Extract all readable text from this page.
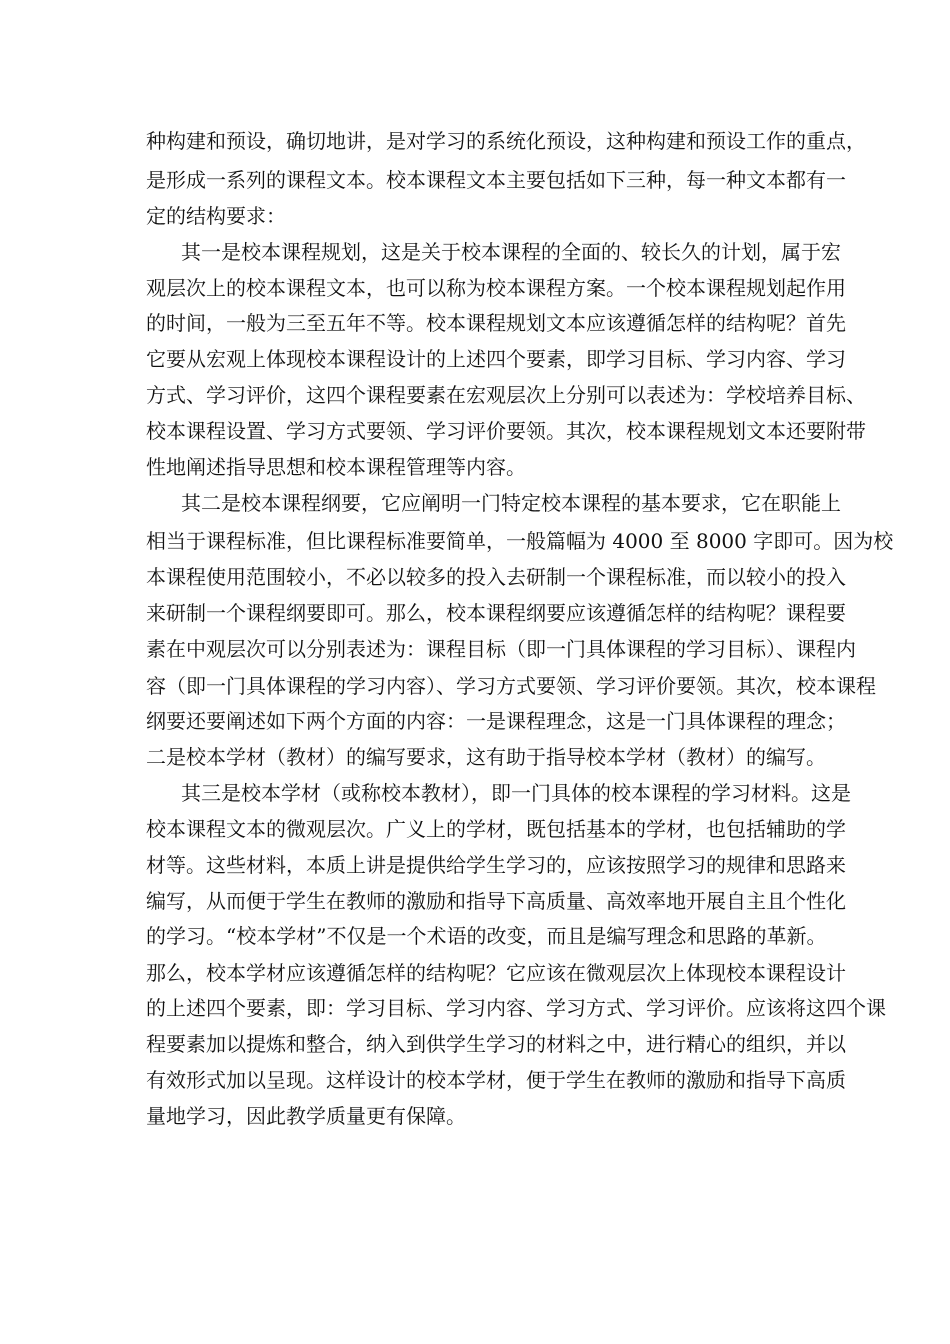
种构建和预设，确切地讲，是对学习的系统化预设，这种构建和预设工作的重点，
是形成一系列的课程文本。校本课程文本主要包括如下三种，每一种文本都有一
定的结构要求：
其一是校本课程规划，这是关于校本课程的全面的、较长久的计划，属于宏
观层次上的校本课程文本，也可以称为校本课程方案。一个校本课程规划起作用
的时间，一般为三至五年不等。校本课程规划文本应该遵循怎样的结构呢？首先
它要从宏观上体现校本课程设计的上述四个要素，即学习目标、学习内容、学习
方式、学习评价，这四个课程要素在宏观层次上分别可以表述为：学校培养目标、
校本课程设置、学习方式要领、学习评价要领。其次，校本课程规划文本还要附带
性地阐述指导思想和校本课程管理等内容。
其二是校本课程纲要，它应阐明一门特定校本课程的基本要求，它在职能上
相当于课程标准，但比课程标准要简单，一般篇幅为 4000 至 8000 字即可。因为校
本课程使用范围较小，不必以较多的投入去研制一个课程标准，而以较小的投入
来研制一个课程纲要即可。那么，校本课程纲要应该遵循怎样的结构呢？课程要
素在中观层次可以分别表述为：课程目标（即一门具体课程的学习目标）、课程内
容（即一门具体课程的学习内容）、学习方式要领、学习评价要领。其次，校本课程
纲要还要阐述如下两个方面的内容：一是课程理念，这是一门具体课程的理念；
二是校本学材（教材）的编写要求，这有助于指导校本学材（教材）的编写。
其三是校本学材（或称校本教材），即一门具体的校本课程的学习材料。这是
校本课程文本的微观层次。广义上的学材，既包括基本的学材，也包括辅助的学
材等。这些材料，本质上讲是提供给学生学习的，应该按照学习的规律和思路来
编写，从而便于学生在教师的激励和指导下高质量、高效率地开展自主且个性化
的学习。“校本学材”不仅是一个术语的改变，而且是编写理念和思路的革新。
那么，校本学材应该遵循怎样的结构呢？它应该在微观层次上体现校本课程设计
的上述四个要素，即：学习目标、学习内容、学习方式、学习评价。应该将这四个课
程要素加以提炼和整合，纳入到供学生学习的材料之中，进行精心的组织，并以
有效形式加以呈现。这样设计的校本学材，便于学生在教师的激励和指导下高质
量地学习，因此教学质量更有保障。
